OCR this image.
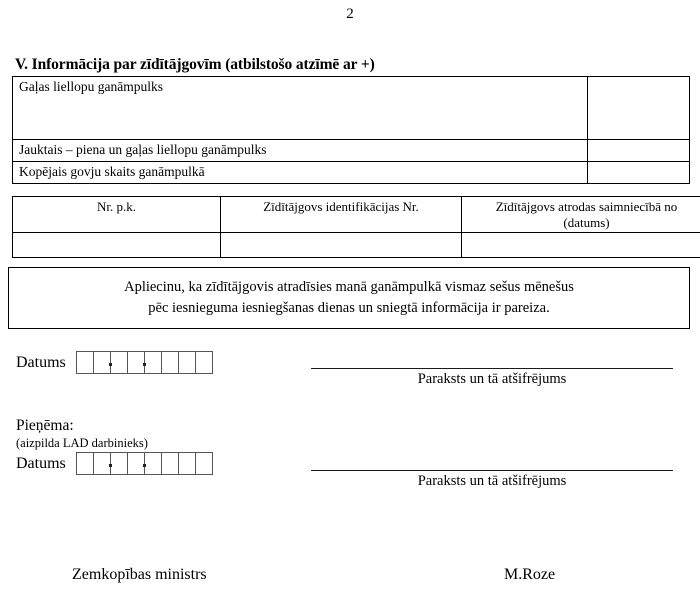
2
V. Informācija par zīdītājgovīm (atbilstošo atzīmē ar +)
Gaļas liellopu ganāmpulks	
Jauktais – piena un gaļas liellopu ganāmpulks	
Kopējais govju skaits ganāmpulkā	
Nr. p.k.	Zīdītājgovs identifikācijas Nr.	Zīdītājgovs atrodas saimniecībā no
(datums)

Apliecinu, ka zīdītājgovis atradīsies manā ganāmpulkā vismaz sešus mēnešus
pēc iesnieguma iesniegšanas dienas un sniegtā informācija ir pareiza.
Datums
Paraksts un tā atšifrējums
Pieņēma:
(aizpilda LAD darbinieks)
Datums
Paraksts un tā atšifrējums
Zemkopības ministrs	M.Roze
